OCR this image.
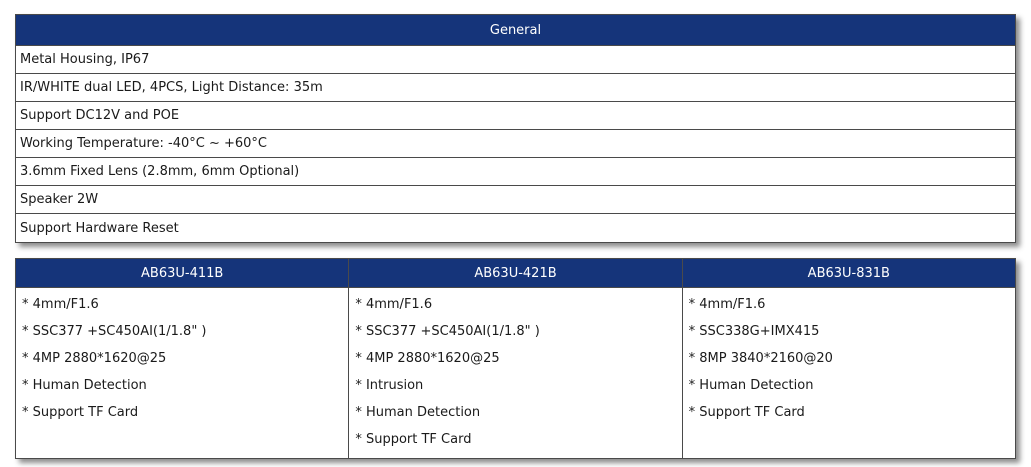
General
Metal Housing, IP67
IR/WHITE dual LED, 4PCS, Light Distance: 35m
Support DC12V and POE
Working Temperature: -40°C ~ +60°C
3.6mm Fixed Lens (2.8mm, 6mm Optional)
Speaker 2W
Support Hardware Reset
AB63U-411B
* 4mm/F1.6
* SSC377 +SC450AI(1/1.8" )
* 4MP 2880*1620@25
* Human Detection
* Support TF Card
AB63U-421B
* 4mm/F1.6
* SSC377 +SC450AI(1/1.8" )
* 4MP 2880*1620@25
* Intrusion
* Human Detection
* Support TF Card
AB63U-831B
* 4mm/F1.6
* SSC338G+IMX415
* 8MP 3840*2160@20
* Human Detection
* Support TF Card
